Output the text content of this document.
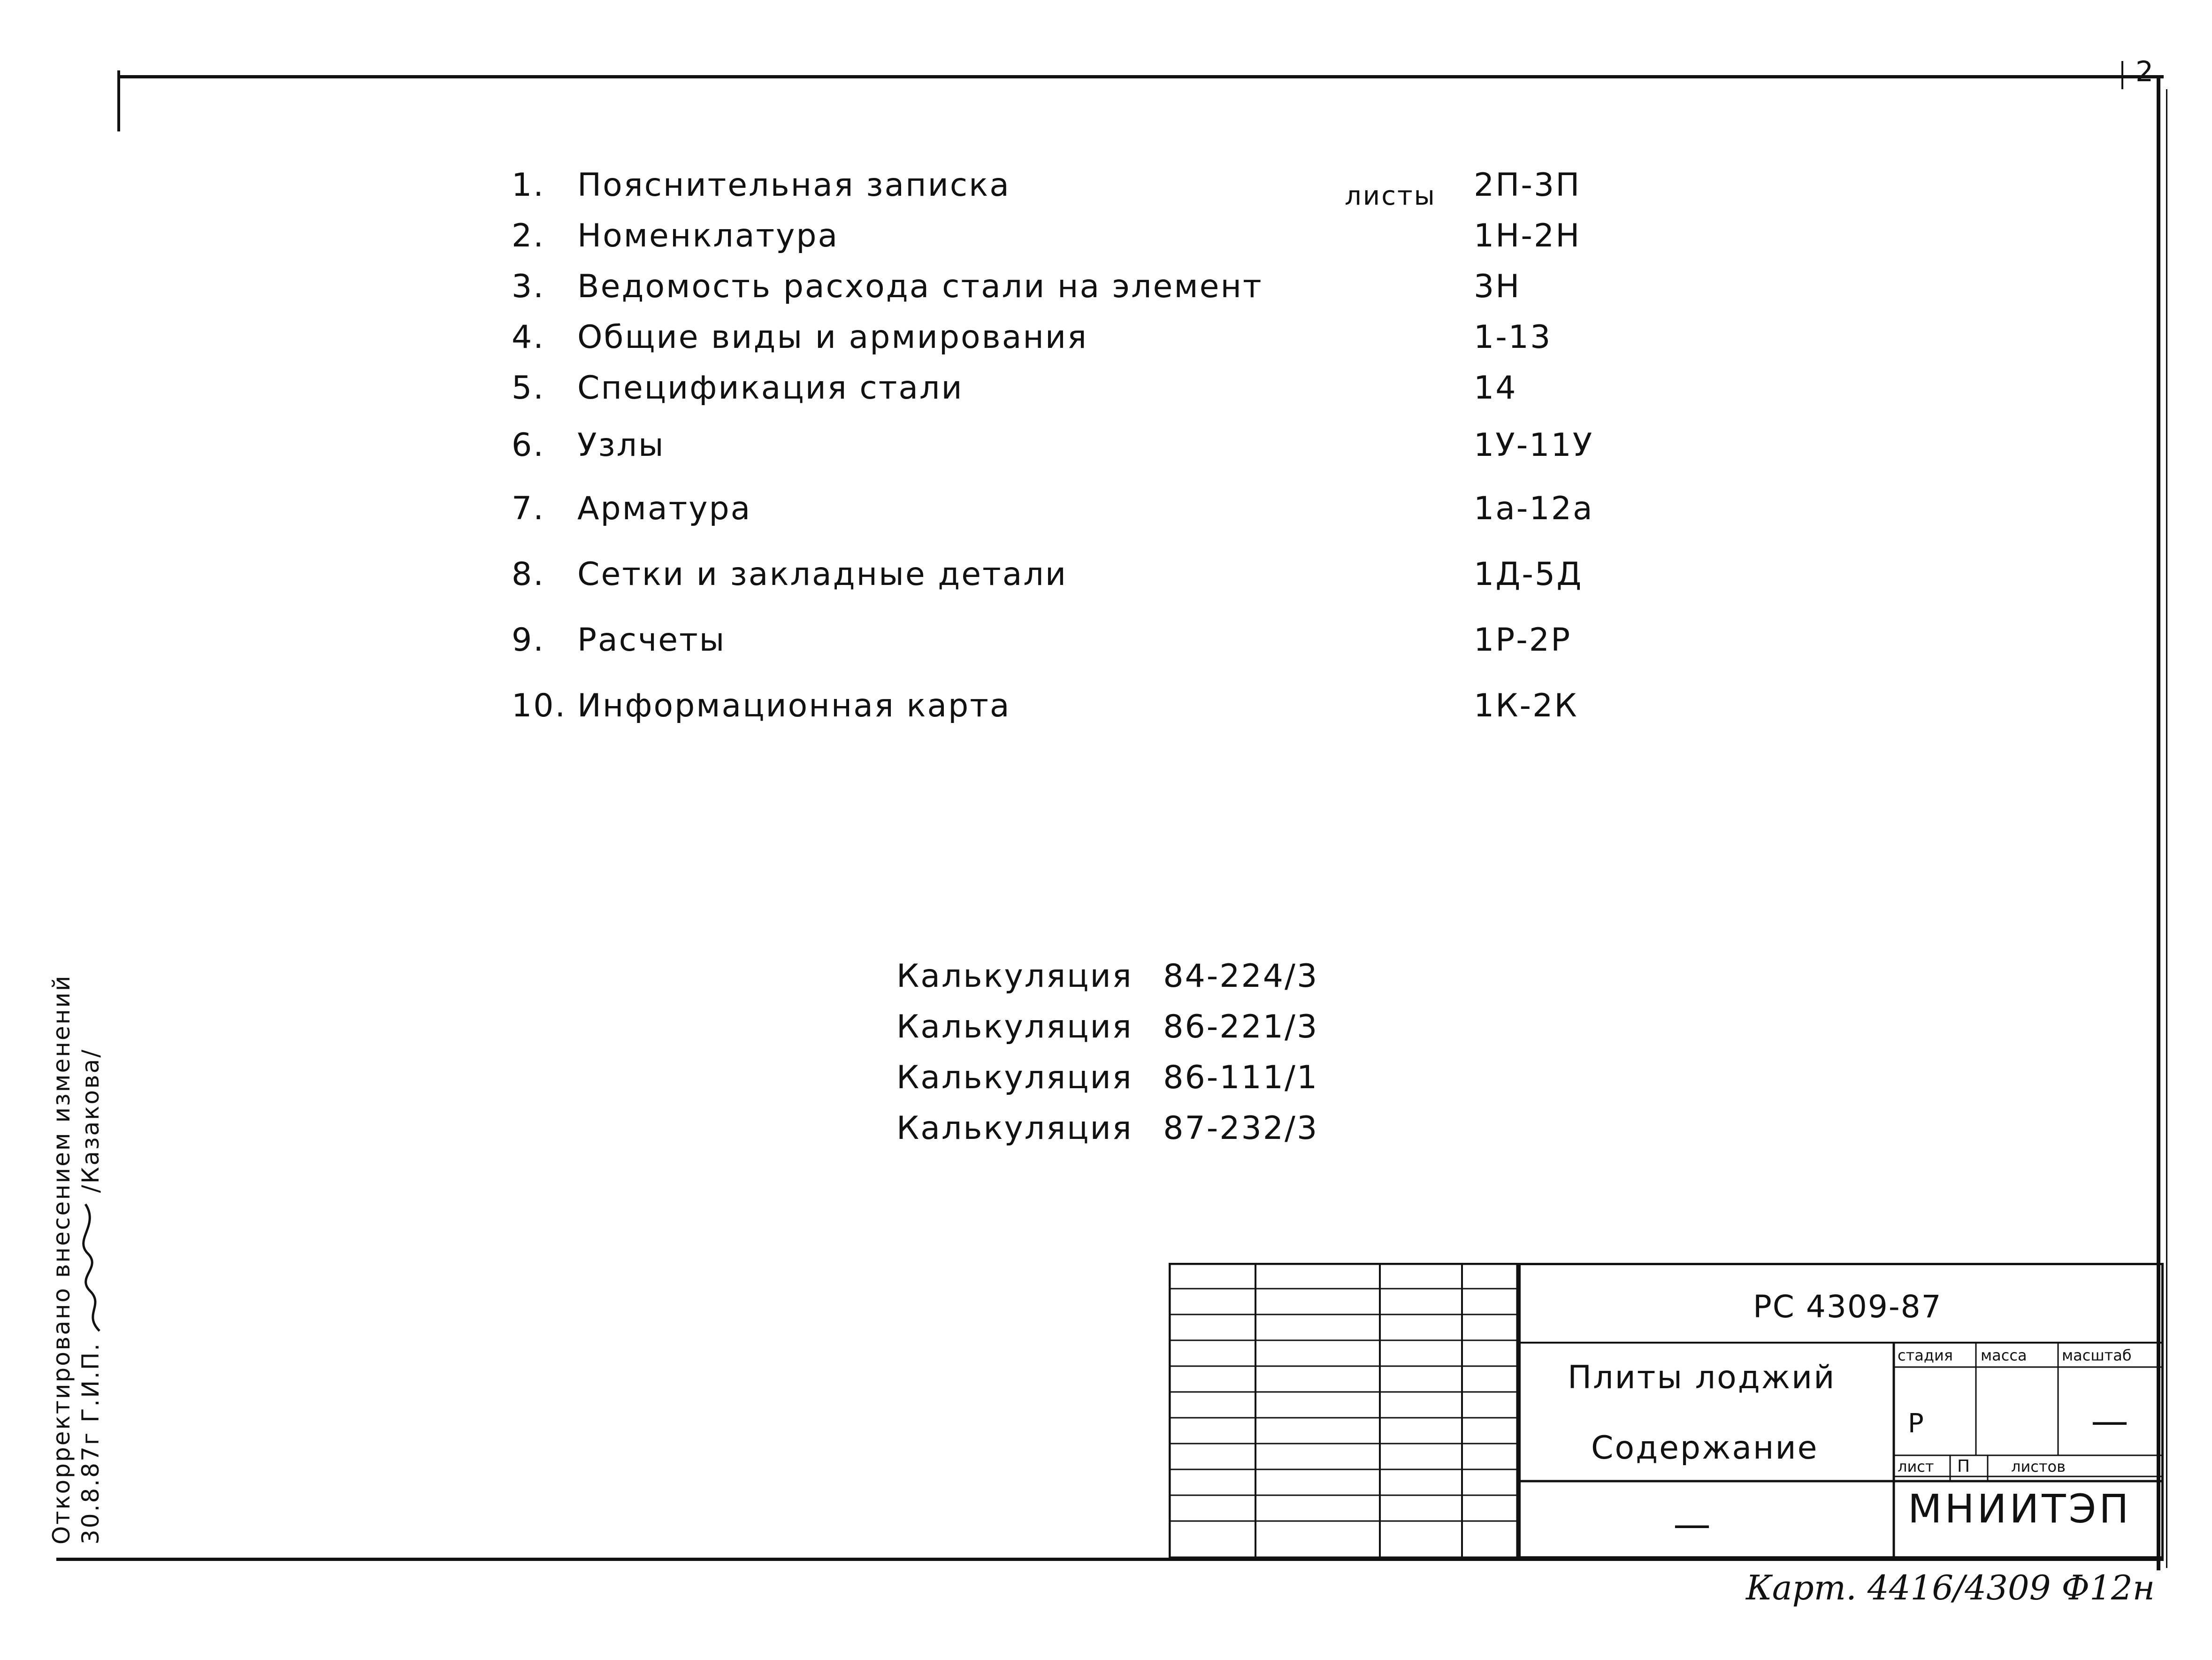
2
листы
1.	Пояснительная записка	2П-3П
2.	Номенклатура	1Н-2Н
3.	Ведомость расхода стали на элемент	3Н
4.	Общие виды и армирования	1-13
5.	Спецификация стали	14
6.	Узлы	1У-11У
7.	Арматура	1а-12а
8.	Сетки и закладные детали	1Д-5Д
9.	Расчеты	1Р-2Р
10. Информационная карта	1К-2К
Калькуляция 84-224/3
Калькуляция 86-221/3
Калькуляция 86-111/1
Калькуляция 87-232/3
Откорректировано внесением изменений 30.8.87г Г.И.П.  /Казакова/
РС 4309-87
Плиты лоджий
Содержание
—
стадия масса масштаб
Р	—
лист П	листов
МНИИТЭП
Карт. 4416/4309 Ф12н
